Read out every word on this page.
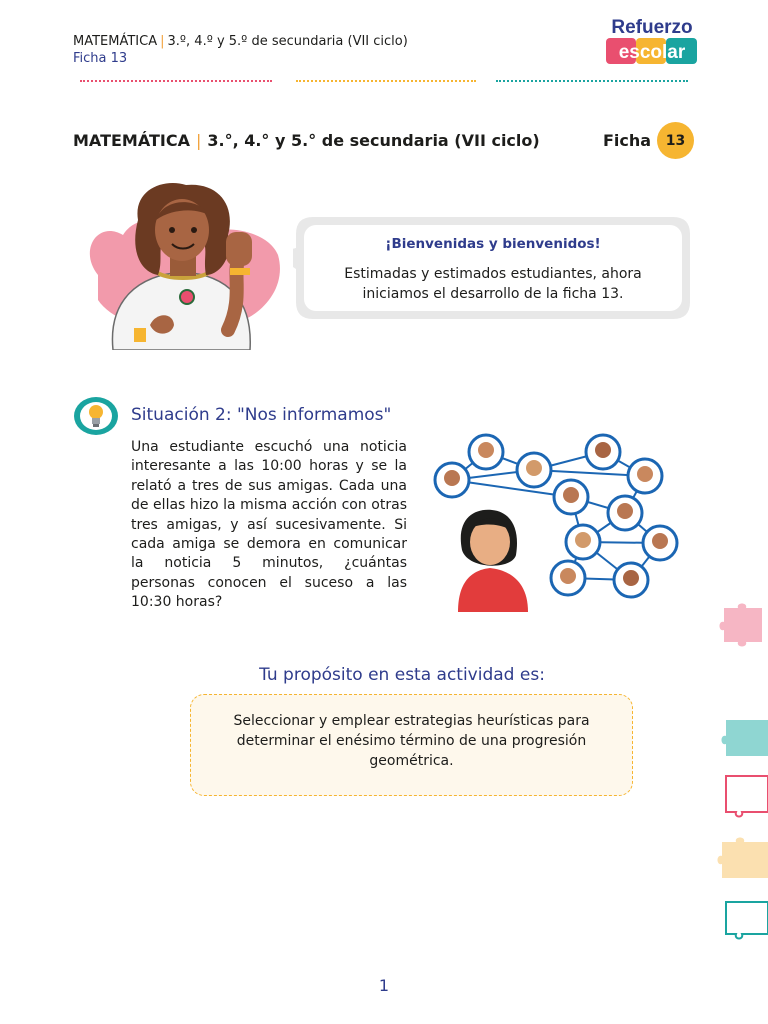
MATEMÁTICA | 3.º, 4.º y 5.º de secundaria (VII ciclo)
Ficha 13
Refuerzo
escolar
MATEMÁTICA | 3.°, 4.° y 5.° de secundaria (VII ciclo)	Ficha	13
¡Bienvenidas y bienvenidos!
Estimadas y estimados estudiantes, ahora iniciamos el desarrollo de la ficha 13.
Situación 2: "Nos informamos"
Una estudiante escuchó una noticia interesante a las 10:00 horas y se la relató a tres de sus amigas. Cada una de ellas hizo la misma acción con otras tres amigas, y así sucesivamente. Si cada amiga se demora en comunicar la noticia 5 minutos, ¿cuántas personas conocen el suceso a las 10:30 horas?
Tu propósito en esta actividad es:
Seleccionar y emplear estrategias heurísticas para determinar el enésimo término de una progresión geométrica.
1
